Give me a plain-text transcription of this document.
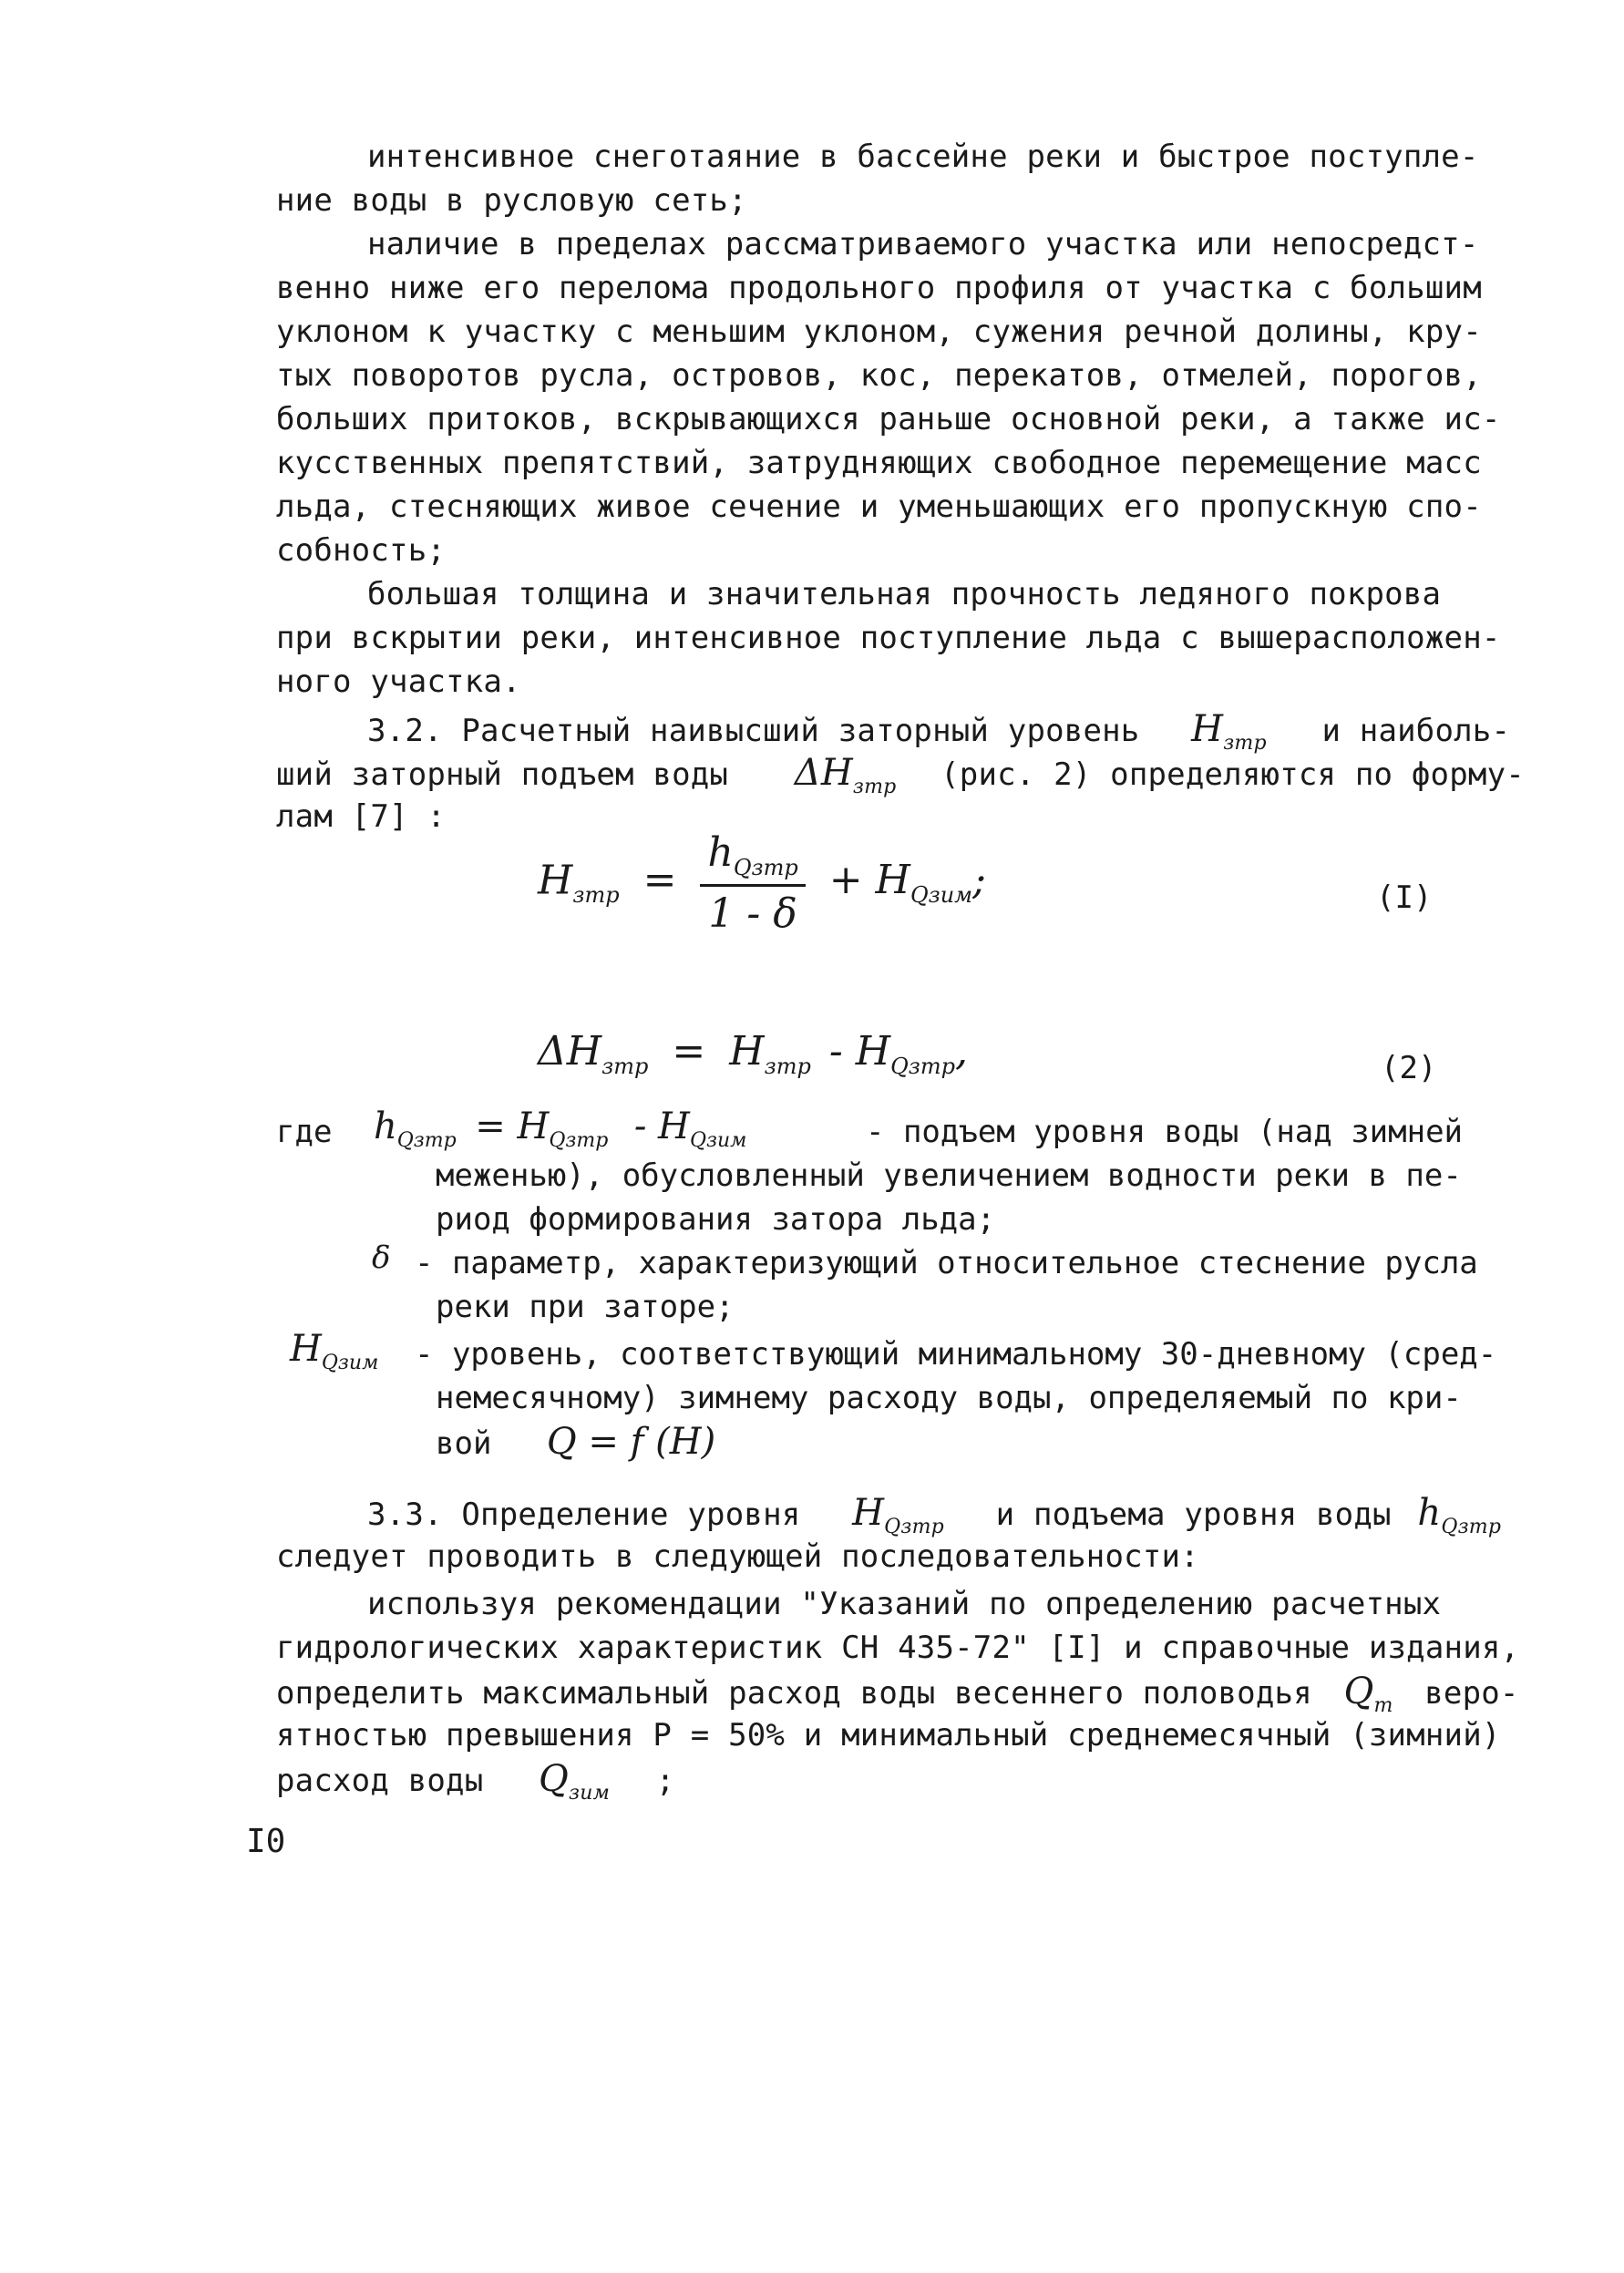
интенсивное снеготаяние в бассейне реки и быстрое поступле-
ние воды в русловую сеть;
наличие в пределах рассматриваемого участка или непосредст-
венно ниже его перелома продольного профиля от участка с большим
уклоном к участку с меньшим уклоном, сужения речной долины, кру-
тых поворотов русла, островов, кос, перекатов, отмелей, порогов,
больших притоков, вскрывающихся раньше основной реки, а также ис-
кусственных препятствий, затрудняющих свободное перемещение масс
льда, стесняющих живое сечение и уменьшающих его пропускную спо-
собность;
большая толщина и значительная прочность ледяного покрова
при вскрытии реки, интенсивное поступление льда с вышерасположен-
ного участка.
3.2. Расчетный наивысший заторный уровень $H_{зтр}$ и наиболь-
ший заторный подъем воды $\Delta H_{зтр}$ (рис. 2) определяются по форму-
лам [7] :
$H_{зтр} = \frac{h_{Qзтр}}{1 - \delta} + H_{Qзим}$;	(I)
$\Delta H_{зтр} = H_{зтр} - H_{Qзтр}$,	(2)
где $h_{Qзтр} = H_{Qзтр} - H_{Qзим}$	- подъем уровня воды (над зимней
меженью), обусловленный увеличением водности реки в пе-
риод формирования затора льда;
δ - параметр, характеризующий относительное стеснение русла
реки при заторе;
$H_{Qзим}$ - уровень, соответствующий минимальному 30-дневному (сред-
немесячному) зимнему расходу воды, определяемый по кри-
вой Q = f (H)
3.3. Определение уровня $H_{Qзтр}$ и подъема уровня воды $h_{Qзтр}$
следует проводить в следующей последовательности:
используя рекомендации "Указаний по определению расчетных
гидрологических характеристик СН 435-72" [I] и справочные издания,
определить максимальный расход воды весеннего половодья $Q_т$ веро-
ятностью превышения Р = 50% и минимальный среднемесячный (зимний)
расход воды $Q_{зим}$ ;
I0
